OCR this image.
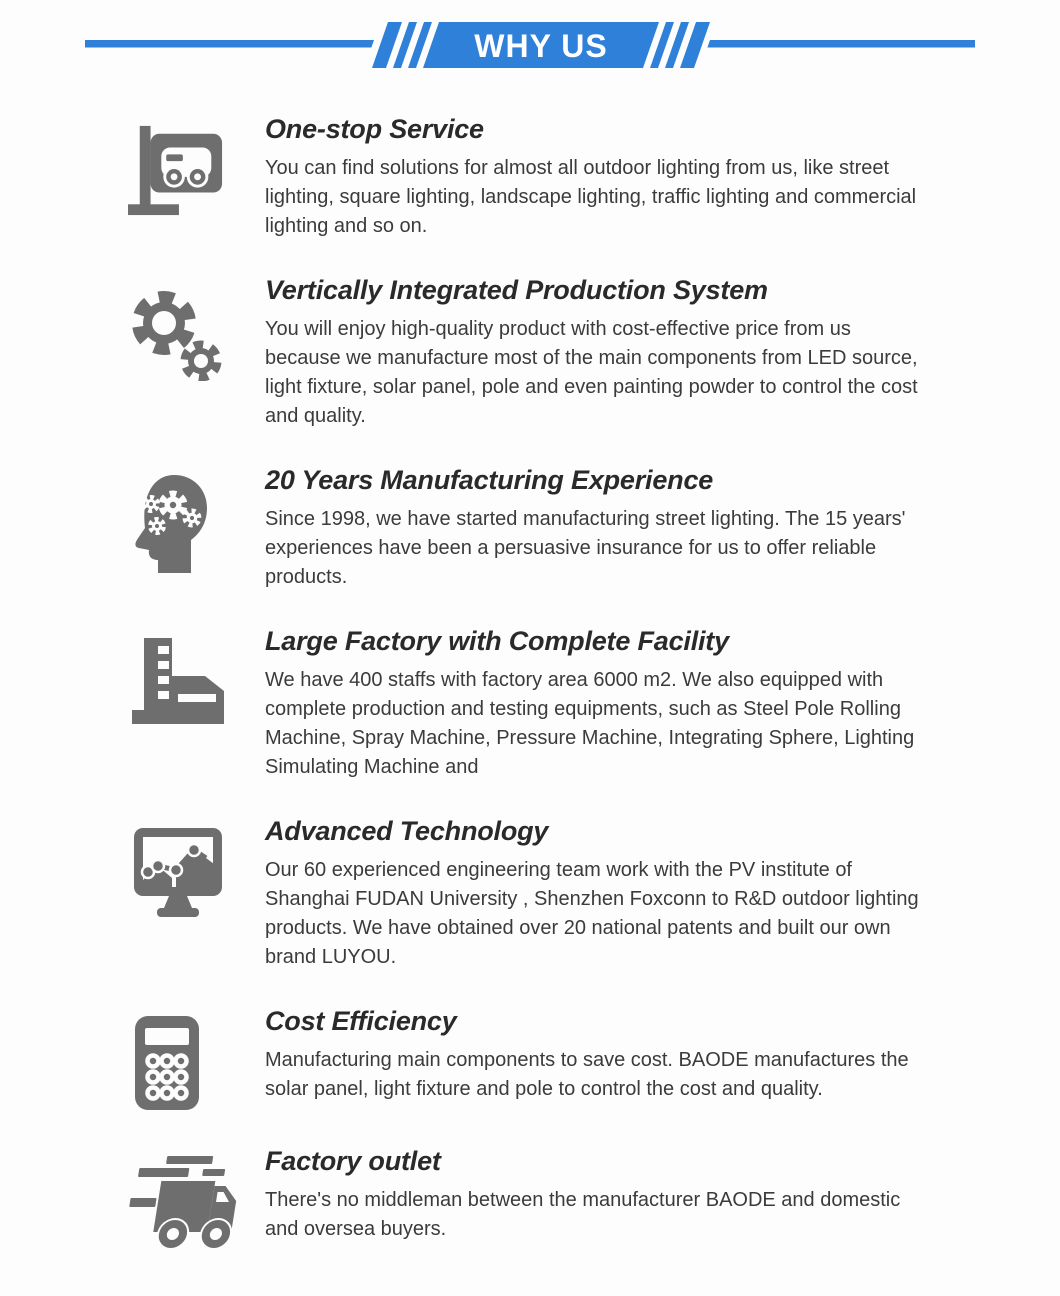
WHY US
One-stop Service

You can find solutions for almost all outdoor lighting from us, like street lighting, square lighting, landscape lighting, traffic lighting and commercial lighting and so on.

Vertically Integrated Production System

You will enjoy high-quality product with cost-effective price from us because we manufacture most of the main components from LED source, light fixture, solar panel, pole and even painting powder to control the cost and quality.

20 Years Manufacturing Experience

Since 1998, we have started manufacturing street lighting. The 15 years' experiences have been a persuasive insurance for us to offer reliable products.

Large Factory with Complete Facility

We have 400 staffs with factory area 6000 m2. We also equipped with complete production and testing equipments, such as Steel Pole Rolling Machine, Spray Machine, Pressure Machine, Integrating Sphere, Lighting Simulating Machine and

Advanced Technology

Our 60 experienced engineering team work with the PV institute of Shanghai FUDAN University , Shenzhen Foxconn to R&D outdoor lighting products. We have obtained over 20 national patents and built our own brand LUYOU.

Cost Efficiency

Manufacturing main components to save cost. BAODE manufactures the solar panel, light fixture and pole to control the cost and quality.

Factory outlet

There's no middleman between the manufacturer BAODE and domestic and oversea buyers.
